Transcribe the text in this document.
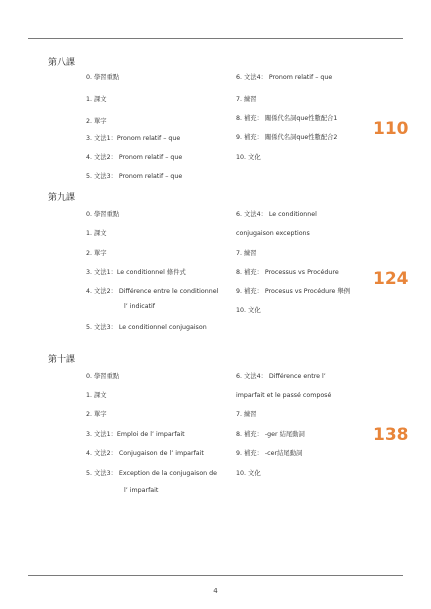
第八課
0. 學習重點
1. 課文
2. 單字
3. 文法1：Pronom relatif – que
4. 文法2： Pronom relatif – que
5. 文法3： Pronom relatif – que
6. 文法4： Pronom relatif – que
7. 練習
8. 補充： 關係代名詞que性數配合1
9. 補充： 關係代名詞que性數配合2
10. 文化
110
第九課
0. 學習重點
1. 課文
2. 單字
3. 文法1：Le conditionnel 條件式
4. 文法2： Différence entre le conditionnel
l’ indicatif
5. 文法3： Le conditionnel conjugaison
6. 文法4： Le conditionnel
conjugaison exceptions
7. 練習
8. 補充： Processus vs Procédure
9. 補充： Procesus vs Procédure 舉例
10. 文化
124
第十課
0. 學習重點
1. 課文
2. 單字
3. 文法1：Emploi de l’ imparfait
4. 文法2： Conjugaison de l’ imparfait
5. 文法3： Exception de la conjugaison de
l’ imparfait
6. 文法4： Différence entre l’
imparfait et le passé composé
7. 練習
8. 補充： -ger 結尾動詞
9. 補充： -cer結尾動詞
10. 文化
138
4
